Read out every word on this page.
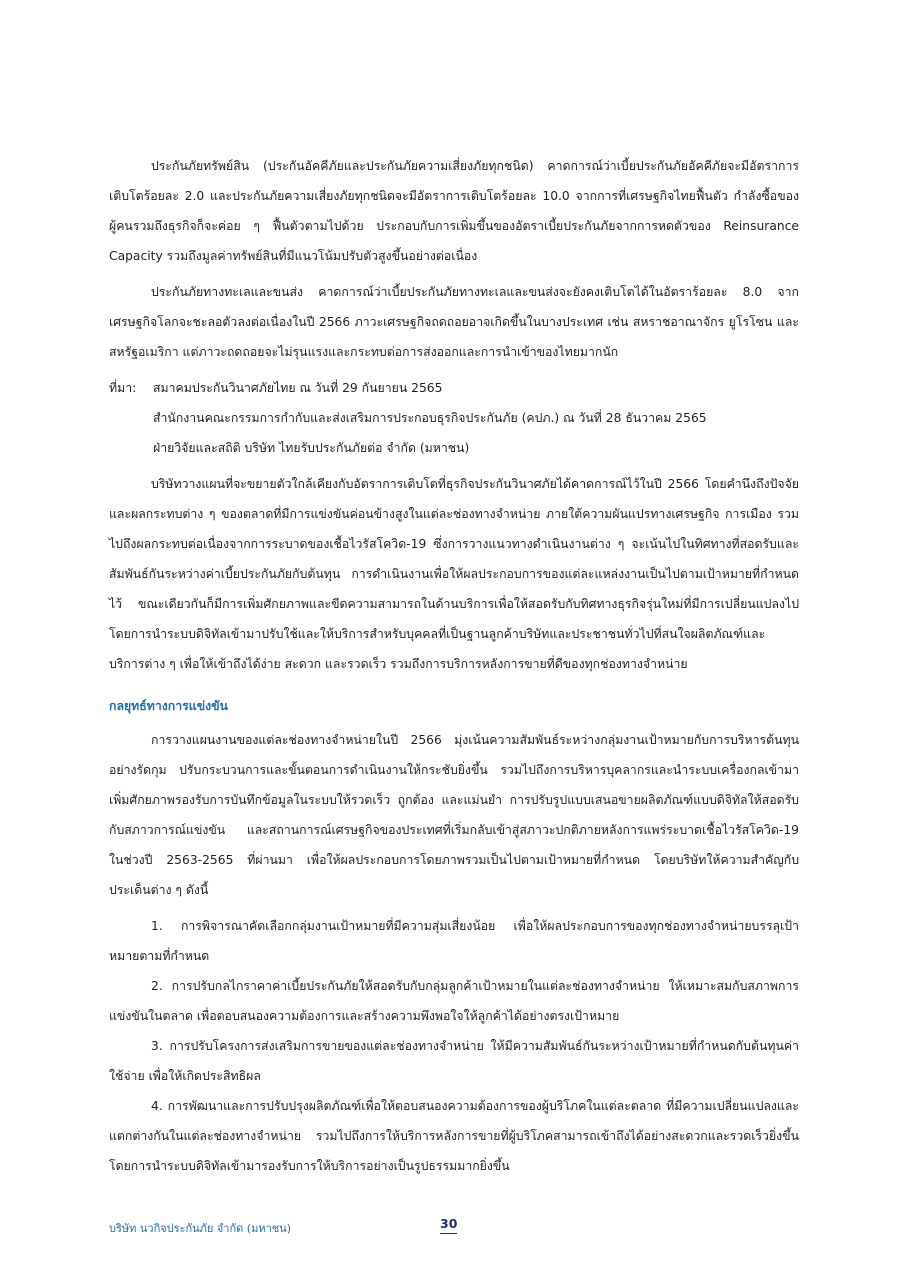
ประกันภัยทรัพย์สิน (ประกันอัคคีภัยและประกันภัยความเสี่ยงภัยทุกชนิด) คาดการณ์ว่าเบี้ยประกันภัยอัคคีภัยจะมีอัตราการเติบโตร้อยละ 2.0 และประกันภัยความเสี่ยงภัยทุกชนิดจะมีอัตราการเติบโตร้อยละ 10.0 จากการที่เศรษฐกิจไทยฟื้นตัว กำลังซื้อของผู้คนรวมถึงธุรกิจก็จะค่อย ๆ ฟื้นตัวตามไปด้วย ประกอบกับการเพิ่มขึ้นของอัตราเบี้ยประกันภัยจากการหดตัวของ Reinsurance Capacity รวมถึงมูลค่าทรัพย์สินที่มีแนวโน้มปรับตัวสูงขึ้นอย่างต่อเนื่อง

ประกันภัยทางทะเลและขนส่ง คาดการณ์ว่าเบี้ยประกันภัยทางทะเลและขนส่งจะยังคงเติบโตได้ในอัตราร้อยละ 8.0 จากเศรษฐกิจโลกจะชะลอตัวลงต่อเนื่องในปี 2566 ภาวะเศรษฐกิจถดถอยอาจเกิดขึ้นในบางประเทศ เช่น สหราชอาณาจักร ยูโรโซน และสหรัฐอเมริกา แต่ภาวะถดถอยจะไม่รุนแรงและกระทบต่อการส่งออกและการนำเข้าของไทยมากนัก

ที่มา:	สมาคมประกันวินาศภัยไทย ณ วันที่ 29 กันยายน 2565
สำนักงานคณะกรรมการกำกับและส่งเสริมการประกอบธุรกิจประกันภัย (คปภ.) ณ วันที่ 28 ธันวาคม 2565
ฝ่ายวิจัยและสถิติ บริษัท ไทยรับประกันภัยต่อ จำกัด (มหาชน)

บริษัทวางแผนที่จะขยายตัวใกล้เคียงกับอัตราการเติบโตที่ธุรกิจประกันวินาศภัยได้คาดการณ์ไว้ในปี 2566 โดยคำนึงถึงปัจจัยและผลกระทบต่าง ๆ ของตลาดที่มีการแข่งขันค่อนข้างสูงในแต่ละช่องทางจำหน่าย ภายใต้ความผันแปรทางเศรษฐกิจ การเมือง รวมไปถึงผลกระทบต่อเนื่องจากการระบาดของเชื้อไวรัสโควิด-19 ซึ่งการวางแนวทางดำเนินงานต่าง ๆ จะเน้นไปในทิศทางที่สอดรับและสัมพันธ์กันระหว่างค่าเบี้ยประกันภัยกับต้นทุน การดำเนินงานเพื่อให้ผลประกอบการของแต่ละแหล่งงานเป็นไปตามเป้าหมายที่กำหนดไว้ ขณะเดียวกันก็มีการเพิ่มศักยภาพและขีดความสามารถในด้านบริการเพื่อให้สอดรับกับทิศทางธุรกิจรุ่นใหม่ที่มีการเปลี่ยนแปลงไป โดยการนำระบบดิจิทัลเข้ามาปรับใช้และให้บริการสำหรับบุคคลที่เป็นฐานลูกค้าบริษัทและประชาชนทั่วไปที่สนใจผลิตภัณฑ์และบริการต่าง ๆ เพื่อให้เข้าถึงได้ง่าย สะดวก และรวดเร็ว รวมถึงการบริการหลังการขายที่ดีของทุกช่องทางจำหน่าย

กลยุทธ์ทางการแข่งขัน

การวางแผนงานของแต่ละช่องทางจำหน่ายในปี 2566 มุ่งเน้นความสัมพันธ์ระหว่างกลุ่มงานเป้าหมายกับการบริหารต้นทุนอย่างรัดกุม ปรับกระบวนการและขั้นตอนการดำเนินงานให้กระชับยิ่งขึ้น รวมไปถึงการบริหารบุคลากรและนำระบบเครื่องกลเข้ามาเพิ่มศักยภาพรองรับการบันทึกข้อมูลในระบบให้รวดเร็ว ถูกต้อง และแม่นยำ การปรับรูปแบบเสนอขายผลิตภัณฑ์แบบดิจิทัลให้สอดรับกับสภาวการณ์แข่งขัน และสถานการณ์เศรษฐกิจของประเทศที่เริ่มกลับเข้าสู่สภาวะปกติภายหลังการแพร่ระบาดเชื้อไวรัสโควิด-19 ในช่วงปี 2563-2565 ที่ผ่านมา เพื่อให้ผลประกอบการโดยภาพรวมเป็นไปตามเป้าหมายที่กำหนด โดยบริษัทให้ความสำคัญกับประเด็นต่าง ๆ ดังนี้

1. การพิจารณาคัดเลือกกลุ่มงานเป้าหมายที่มีความสุ่มเสี่ยงน้อย เพื่อให้ผลประกอบการของทุกช่องทางจำหน่ายบรรลุเป้าหมายตามที่กำหนด

2. การปรับกลไกราคาค่าเบี้ยประกันภัยให้สอดรับกับกลุ่มลูกค้าเป้าหมายในแต่ละช่องทางจำหน่าย ให้เหมาะสมกับสภาพการแข่งขันในตลาด เพื่อตอบสนองความต้องการและสร้างความพึงพอใจให้ลูกค้าได้อย่างตรงเป้าหมาย

3. การปรับโครงการส่งเสริมการขายของแต่ละช่องทางจำหน่าย ให้มีความสัมพันธ์กันระหว่างเป้าหมายที่กำหนดกับต้นทุนค่าใช้จ่าย เพื่อให้เกิดประสิทธิผล

4. การพัฒนาและการปรับปรุงผลิตภัณฑ์เพื่อให้ตอบสนองความต้องการของผู้บริโภคในแต่ละตลาด ที่มีความเปลี่ยนแปลงและแตกต่างกันในแต่ละช่องทางจำหน่าย รวมไปถึงการให้บริการหลังการขายที่ผู้บริโภคสามารถเข้าถึงได้อย่างสะดวกและรวดเร็วยิ่งขึ้น โดยการนำระบบดิจิทัลเข้ามารองรับการให้บริการอย่างเป็นรูปธรรมมากยิ่งขึ้น

บริษัท นวกิจประกันภัย จำกัด (มหาชน)	30
